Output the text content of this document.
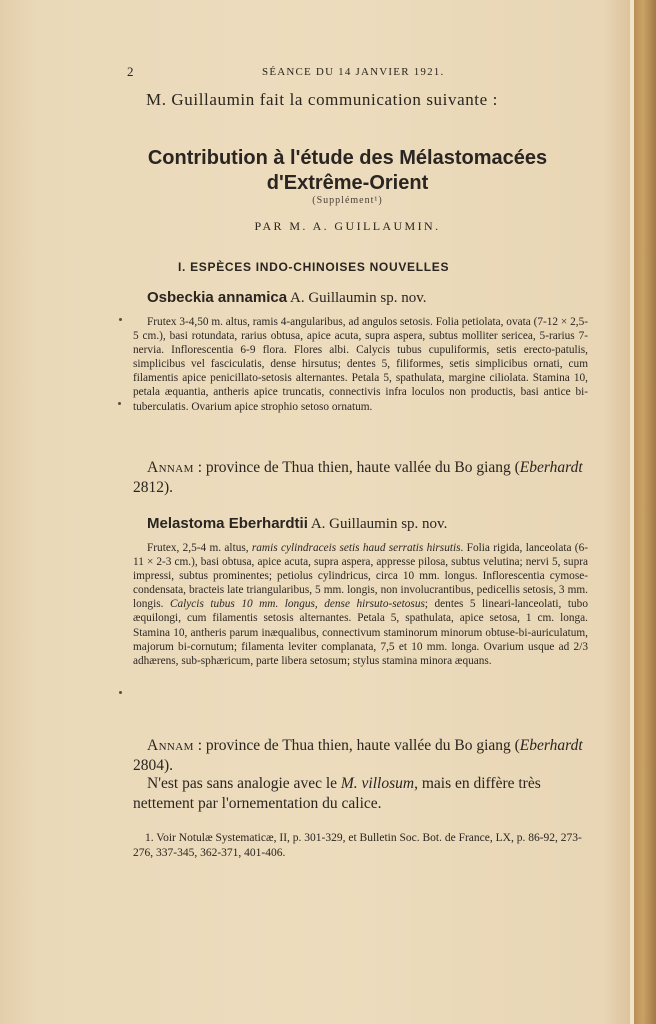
2	SÉANCE DU 14 JANVIER 1921.
M. Guillaumin fait la communication suivante :
Contribution à l'étude des Mélastomacées
d'Extrême-Orient
(Supplément¹)
PAR M. A. GUILLAUMIN.
I. ESPÈCES INDO-CHINOISES NOUVELLES
Osbeckia annamica A. Guillaumin sp. nov.

Frutex 3-4,50 m. altus, ramis 4-angularibus, ad angulos setosis. Folia petiolata, ovata (7-12 × 2,5-5 cm.), basi rotundata, rarius obtusa, apice acuta, supra aspera, subtus molliter sericea, 5-rarius 7-nervia. Inflorescentia 6-9 flora. Flores albi. Calycis tubus cupuliformis, setis erecto-patulis, simplicibus vel fasciculatis, dense hirsutus; dentes 5, filiformes, setis simplicibus ornati, cum filamentis apice penicillato-setosis alternantes. Petala 5, spathulata, margine ciliolata. Stamina 10, petala æquantia, antheris apice truncatis, connectivis infra loculos non productis, basi antice bi-tuberculatis. Ovarium apice strophio setoso ornatum.

Annam : province de Thua thien, haute vallée du Bo giang (Eberhardt 2812).

Melastoma Eberhardtii A. Guillaumin sp. nov.

Frutex, 2,5-4 m. altus, ramis cylindraceis setis haud serratis hirsutis. Folia rigida, lanceolata (6-11 × 2-3 cm.), basi obtusa, apice acuta, supra aspera, appresse pilosa, subtus velutina; nervi 5, supra impressi, subtus prominentes; petiolus cylindricus, circa 10 mm. longus. Inflorescentia cymose-condensata, bracteis late triangularibus, 5 mm. longis, non involucrantibus, pedicellis setosis, 3 mm. longis. Calycis tubus 10 mm. longus, dense hirsuto-setosus; dentes 5 lineari-lanceolati, tubo æquilongi, cum filamentis setosis alternantes. Petala 5, spathulata, apice setosa, 1 cm. longa. Stamina 10, antheris parum inæqualibus, connectivum staminorum minorum obtuse-bi-auriculatum, majorum bi-cornutum; filamenta leviter complanata, 7,5 et 10 mm. longa. Ovarium usque ad 2/3 adhærens, sub-sphæricum, parte libera setosum; stylus stamina minora æquans.

Annam : province de Thua thien, haute vallée du Bo giang (Eberhardt 2804).

N'est pas sans analogie avec le M. villosum, mais en diffère très nettement par l'ornementation du calice.

1. Voir Notulæ Systematicæ, II, p. 301-329, et Bulletin Soc. Bot. de France, LX, p. 86-92, 273-276, 337-345, 362-371, 401-406.
